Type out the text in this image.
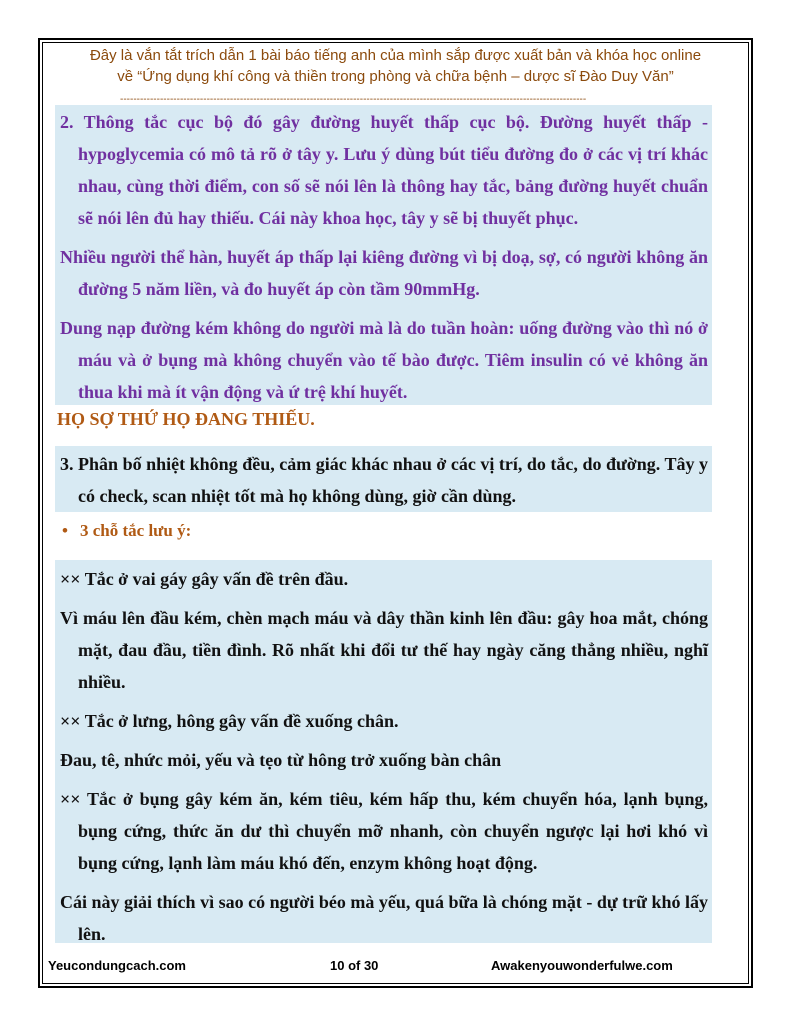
Đây là vắn tắt trích dẫn 1 bài báo tiếng anh của mình sắp được xuất bản và khóa học online
về “Ứng dụng khí công và thiền trong phòng và chữa bệnh – dược sĩ Đào Duy Văn”
--------------------------------------------------------------------------------------------------------------------------------------------

2. Thông tắc cục bộ đó gây đường huyết thấp cục bộ. Đường huyết thấp - hypoglycemia có mô tả rõ ở tây y. Lưu ý dùng bút tiểu đường đo ở các vị trí khác nhau, cùng thời điểm, con số sẽ nói lên là thông hay tắc, bảng đường huyết chuẩn sẽ nói lên đủ hay thiếu. Cái này khoa học, tây y sẽ bị thuyết phục.

Nhiều người thể hàn, huyết áp thấp lại kiêng đường vì bị doạ, sợ, có người không ăn đường 5 năm liền, và đo huyết áp còn tầm 90mmHg.

Dung nạp đường kém không do người mà là do tuần hoàn: uống đường vào thì nó ở máu và ở bụng mà không chuyển vào tế bào được. Tiêm insulin có vẻ không ăn thua khi mà ít vận động và ứ trệ khí huyết.

HỌ SỢ THỨ HỌ ĐANG THIẾU.

3. Phân bố nhiệt không đều, cảm giác khác nhau ở các vị trí, do tắc, do đường. Tây y có check, scan nhiệt tốt mà họ không dùng, giờ cần dùng.

• 3 chỗ tắc lưu ý:

×× Tắc ở vai gáy gây vấn đề trên đầu.

Vì máu lên đầu kém, chèn mạch máu và dây thần kinh lên đầu: gây hoa mắt, chóng mặt, đau đầu, tiền đình. Rõ nhất khi đổi tư thế hay ngày căng thẳng nhiều, nghĩ nhiều.

×× Tắc ở lưng, hông gây vấn đề xuống chân.

Đau, tê, nhức mỏi, yếu và tẹo từ hông trở xuống bàn chân

×× Tắc ở bụng gây kém ăn, kém tiêu, kém hấp thu, kém chuyển hóa, lạnh bụng, bụng cứng, thức ăn dư thì chuyển mỡ nhanh, còn chuyển ngược lại hơi khó vì bụng cứng, lạnh làm máu khó đến, enzym không hoạt động.

Cái này giải thích vì sao có người béo mà yếu, quá bữa là chóng mặt - dự trữ khó lấy lên.

Yeucondungcach.com	10 of 30	Awakenyouwonderfulwe.com
